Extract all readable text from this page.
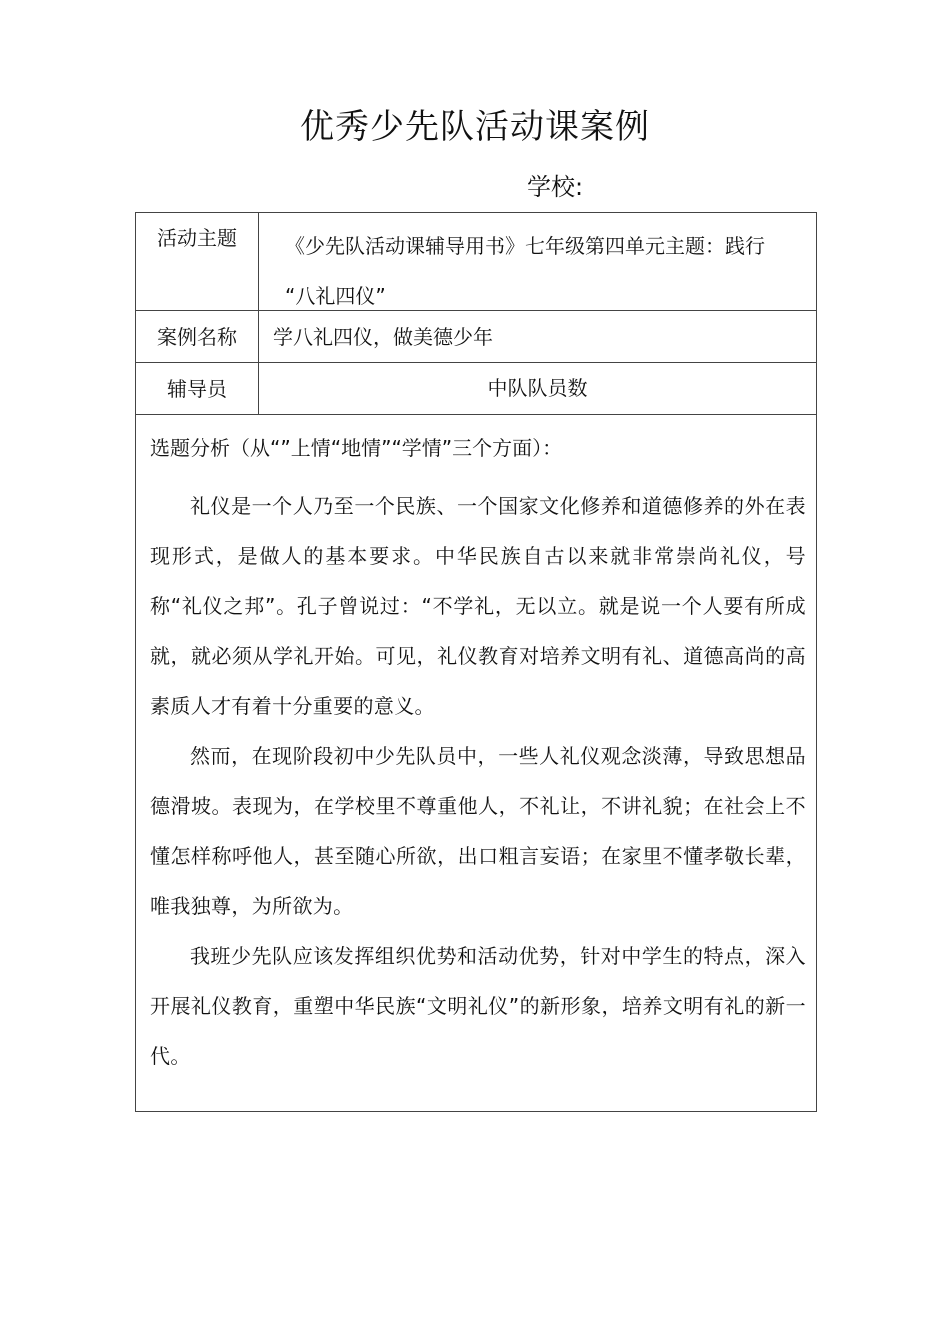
优秀少先队活动课案例
学校:
活动主题	《少先队活动课辅导用书》七年级第四单元主题：践行
“八礼四仪”
案例名称	学八礼四仪，做美德少年
辅导员	中队队员数
选题分析（从“”上情“地情”“学情”三个方面）：

礼仪是一个人乃至一个民族、一个国家文化修养和道德修养的外在表现形式，是做人的基本要求。中华民族自古以来就非常崇尚礼仪，号称“礼仪之邦”。孔子曾说过：“不学礼，无以立。就是说一个人要有所成就，就必须从学礼开始。可见，礼仪教育对培养文明有礼、道德高尚的高素质人才有着十分重要的意义。

然而，在现阶段初中少先队员中，一些人礼仪观念淡薄，导致思想品德滑坡。表现为，在学校里不尊重他人，不礼让，不讲礼貌；在社会上不懂怎样称呼他人，甚至随心所欲，出口粗言妄语；在家里不懂孝敬长辈，唯我独尊，为所欲为。

我班少先队应该发挥组织优势和活动优势，针对中学生的特点，深入开展礼仪教育，重塑中华民族“文明礼仪”的新形象，培养文明有礼的新一代。
